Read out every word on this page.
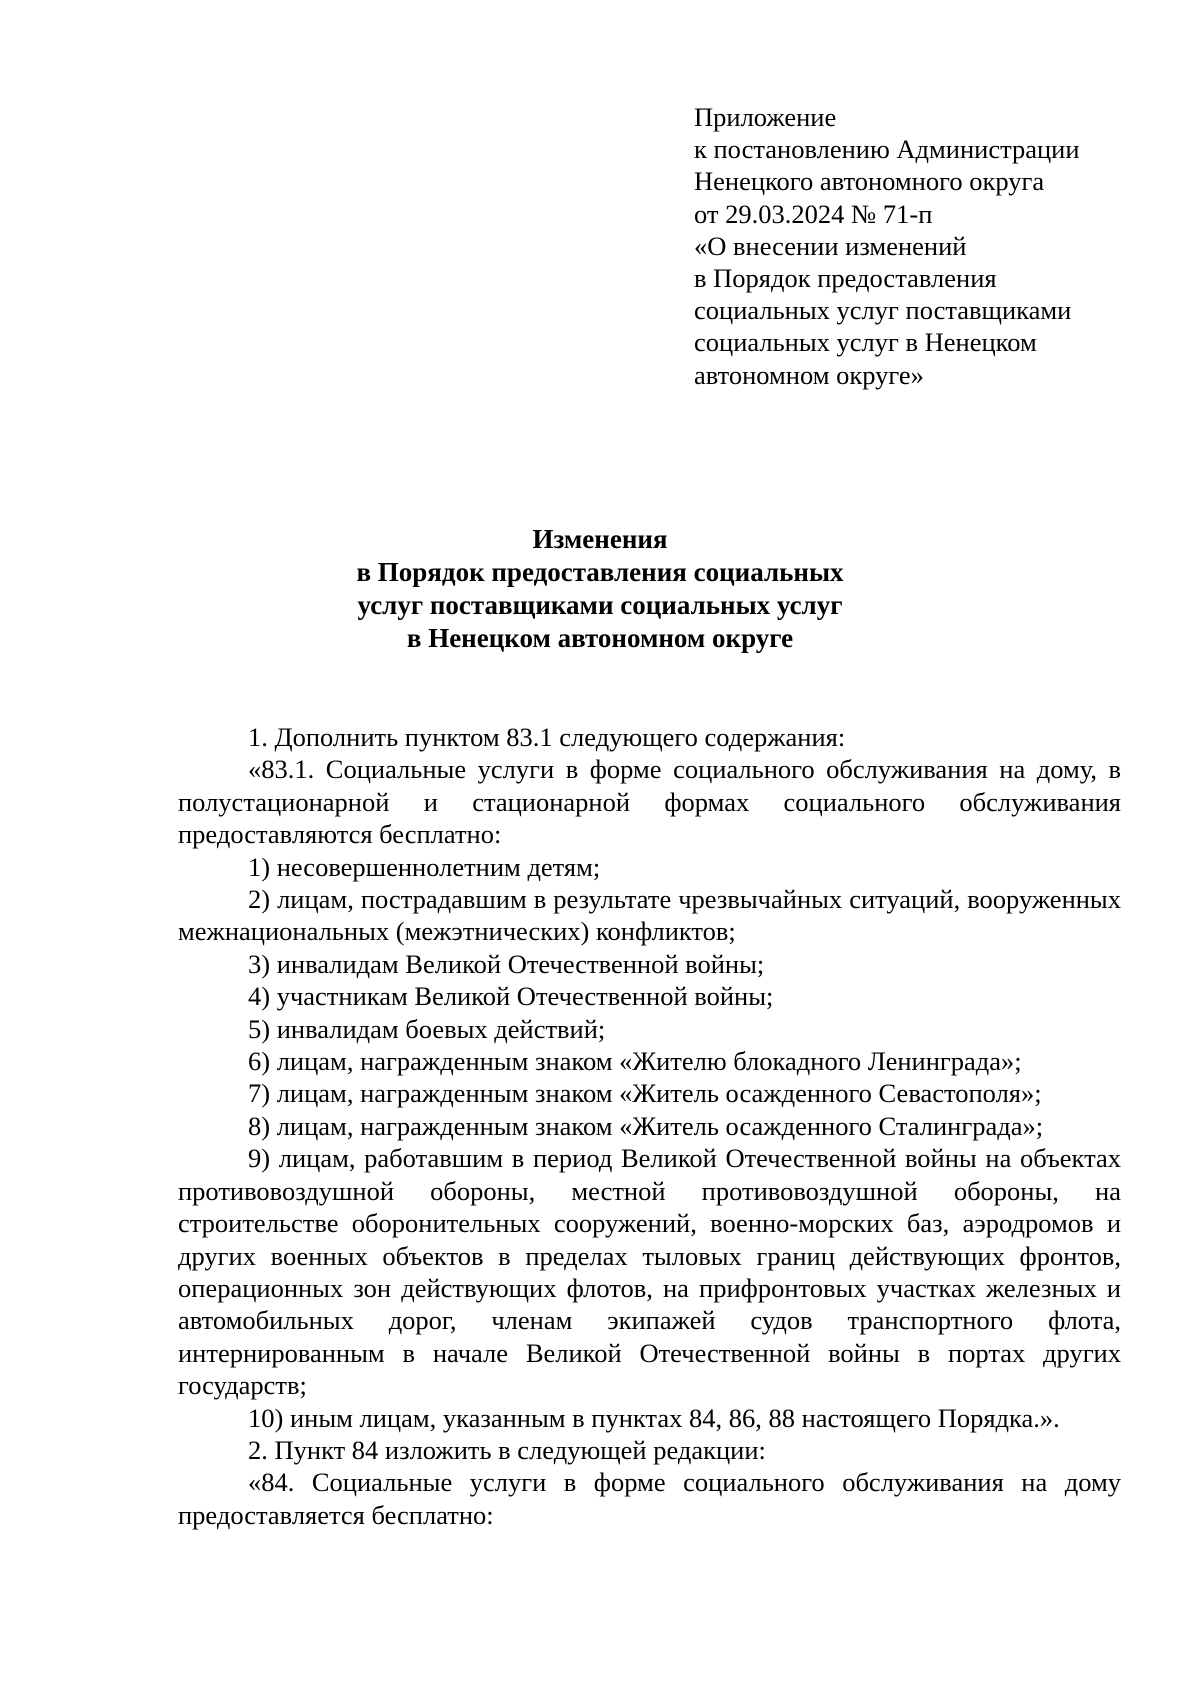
Приложение
к постановлению Администрации
Ненецкого автономного округа
от 29.03.2024 № 71-п
«О внесении изменений
в Порядок предоставления
социальных услуг поставщиками
социальных услуг в Ненецком
автономном округе»
Изменения
в Порядок предоставления социальных
услуг поставщиками социальных услуг
в Ненецком автономном округе

1. Дополнить пунктом 83.1 следующего содержания:

«83.1. Социальные услуги в форме социального обслуживания на дому, в полустационарной и стационарной формах социального обслуживания предоставляются бесплатно:

1) несовершеннолетним детям;

2) лицам, пострадавшим в результате чрезвычайных ситуаций, вооруженных межнациональных (межэтнических) конфликтов;

3) инвалидам Великой Отечественной войны;

4) участникам Великой Отечественной войны;

5) инвалидам боевых действий;

6) лицам, награжденным знаком «Жителю блокадного Ленинграда»;

7) лицам, награжденным знаком «Житель осажденного Севастополя»;

8) лицам, награжденным знаком «Житель осажденного Сталинграда»;

9) лицам, работавшим в период Великой Отечественной войны на объектах противовоздушной обороны, местной противовоздушной обороны, на строительстве оборонительных сооружений, военно-морских баз, аэродромов и других военных объектов в пределах тыловых границ действующих фронтов, операционных зон действующих флотов, на прифронтовых участках железных и автомобильных дорог, членам экипажей судов транспортного флота, интернированным в начале Великой Отечественной войны в портах других государств;

10) иным лицам, указанным в пунктах 84, 86, 88 настоящего Порядка.».

2. Пункт 84 изложить в следующей редакции:

«84. Социальные услуги в форме социального обслуживания на дому предоставляется бесплатно:
